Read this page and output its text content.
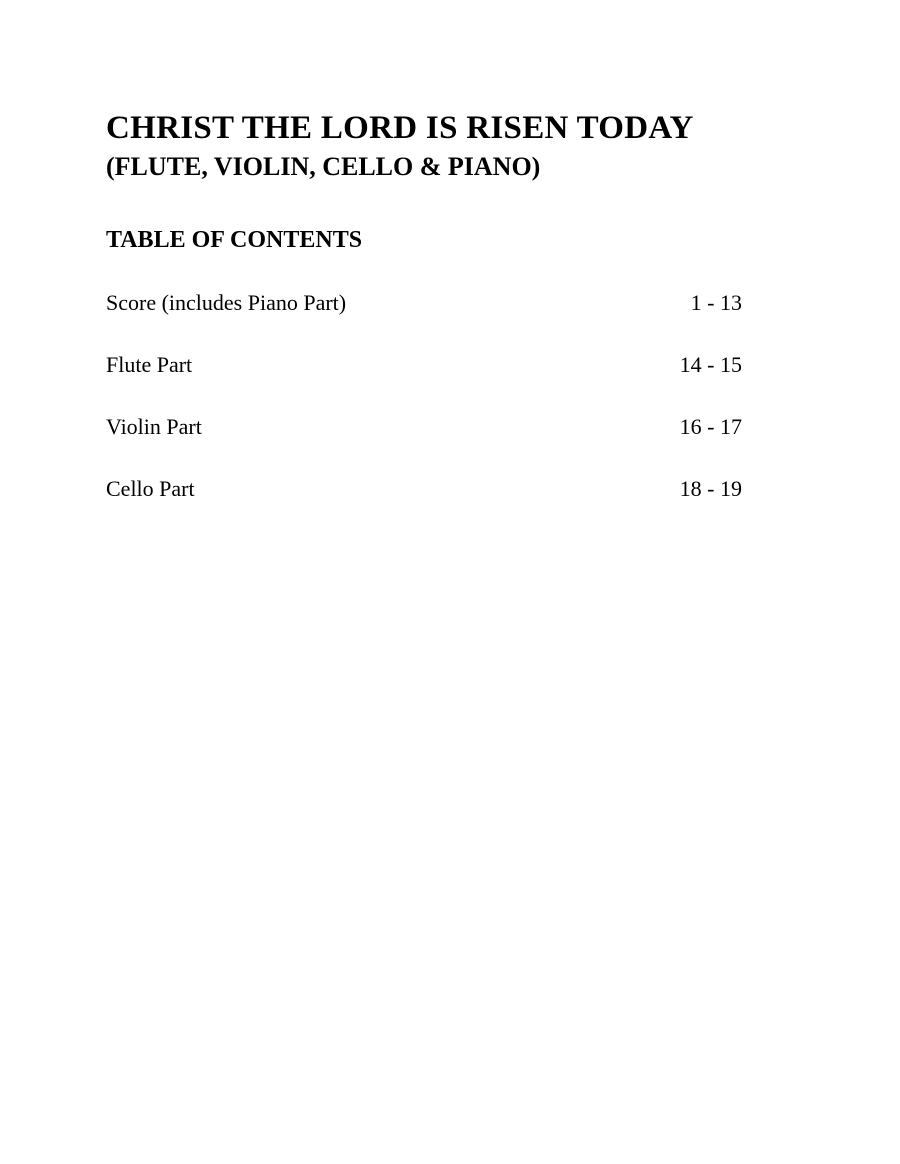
CHRIST THE LORD IS RISEN TODAY
(FLUTE, VIOLIN, CELLO & PIANO)
TABLE OF CONTENTS
Score (includes Piano Part)	1 - 13
Flute Part	14 - 15
Violin Part	16 - 17
Cello Part	18 - 19
